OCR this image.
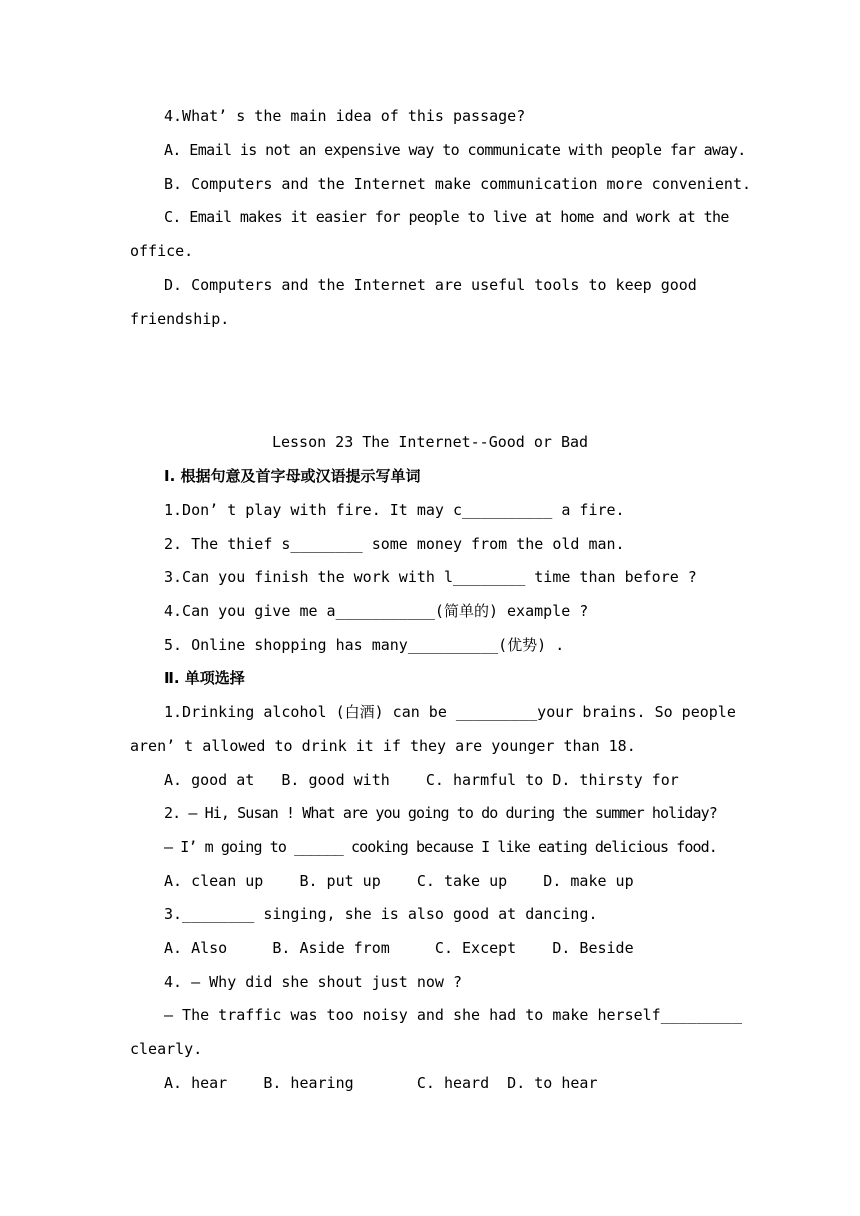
4.What’ s the main idea of this passage?
A. Email is not an expensive way to communicate with people far away.
B. Computers and the Internet make communication more convenient.
C. Email makes it easier for people to live at home and work at the
office.
D. Computers and the Internet are useful tools to keep good
friendship.
Lesson 23 The Internet--Good or Bad
Ⅰ. 根据句意及首字母或汉语提示写单词
1.Don’ t play with fire. It may c__________ a fire.
2. The thief s________ some money from the old man.
3.Can you finish the work with l________ time than before ?
4.Can you give me a___________(简单的) example ?
5. Online shopping has many__________(优势) .
Ⅱ. 单项选择
1.Drinking alcohol (白酒) can be _________your brains. So people
aren’ t allowed to drink it if they are younger than 18.
A. good at   B. good with    C. harmful to D. thirsty for
2. — Hi, Susan ! What are you going to do during the summer holiday?
— I’ m going to ______ cooking because I like eating delicious food.
A. clean up    B. put up    C. take up    D. make up
3.________ singing, she is also good at dancing.
A. Also     B. Aside from     C. Except    D. Beside
4. — Why did she shout just now ?
— The traffic was too noisy and she had to make herself_________
clearly.
A. hear    B. hearing       C. heard  D. to hear
